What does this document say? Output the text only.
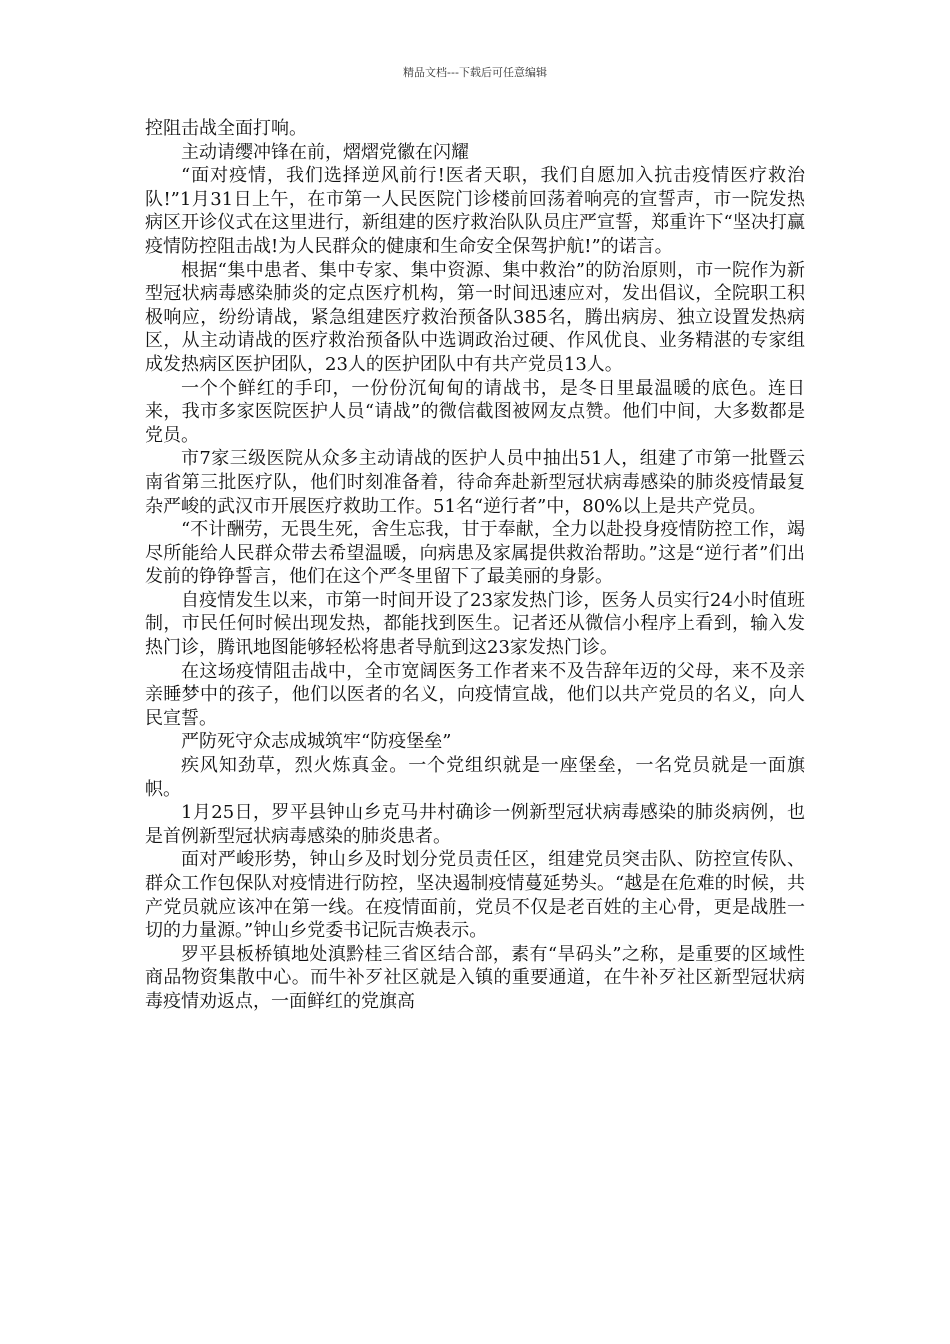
精品文档---下载后可任意编辑

控阻击战全面打响。

主动请缨冲锋在前，熠熠党徽在闪耀

“面对疫情，我们选择逆风前行!医者天职，我们自愿加入抗击疫情医疗救治队!”1月31日上午，在市第一人民医院门诊楼前回荡着响亮的宣誓声，市一院发热病区开诊仪式在这里进行，新组建的医疗救治队队员庄严宣誓，郑重许下“坚决打赢疫情防控阻击战!为人民群众的健康和生命安全保驾护航!”的诺言。

根据“集中患者、集中专家、集中资源、集中救治”的防治原则，市一院作为新型冠状病毒感染肺炎的定点医疗机构，第一时间迅速应对，发出倡议，全院职工积极响应，纷纷请战，紧急组建医疗救治预备队385名，腾出病房、独立设置发热病区，从主动请战的医疗救治预备队中选调政治过硬、作风优良、业务精湛的专家组成发热病区医护团队，23人的医护团队中有共产党员13人。

一个个鲜红的手印，一份份沉甸甸的请战书，是冬日里最温暖的底色。连日来，我市多家医院医护人员“请战”的微信截图被网友点赞。他们中间，大多数都是党员。

市7家三级医院从众多主动请战的医护人员中抽出51人，组建了市第一批暨云南省第三批医疗队，他们时刻准备着，待命奔赴新型冠状病毒感染的肺炎疫情最复杂严峻的武汉市开展医疗救助工作。51名“逆行者”中，80%以上是共产党员。

“不计酬劳，无畏生死，舍生忘我，甘于奉献，全力以赴投身疫情防控工作，竭尽所能给人民群众带去希望温暖，向病患及家属提供救治帮助。”这是“逆行者”们出发前的铮铮誓言，他们在这个严冬里留下了最美丽的身影。

自疫情发生以来，市第一时间开设了23家发热门诊，医务人员实行24小时值班制，市民任何时候出现发热，都能找到医生。记者还从微信小程序上看到，输入发热门诊，腾讯地图能够轻松将患者导航到这23家发热门诊。

在这场疫情阻击战中，全市宽阔医务工作者来不及告辞年迈的父母，来不及亲亲睡梦中的孩子，他们以医者的名义，向疫情宣战，他们以共产党员的名义，向人民宣誓。

严防死守众志成城筑牢“防疫堡垒”

疾风知劲草，烈火炼真金。一个党组织就是一座堡垒，一名党员就是一面旗帜。

1月25日，罗平县钟山乡克马井村确诊一例新型冠状病毒感染的肺炎病例，也是首例新型冠状病毒感染的肺炎患者。

面对严峻形势，钟山乡及时划分党员责任区，组建党员突击队、防控宣传队、群众工作包保队对疫情进行防控，坚决遏制疫情蔓延势头。“越是在危难的时候，共产党员就应该冲在第一线。在疫情面前，党员不仅是老百姓的主心骨，更是战胜一切的力量源。”钟山乡党委书记阮吉焕表示。

罗平县板桥镇地处滇黔桂三省区结合部，素有“旱码头”之称，是重要的区域性商品物资集散中心。而牛补歹社区就是入镇的重要通道，在牛补歹社区新型冠状病毒疫情劝返点，一面鲜红的党旗高
